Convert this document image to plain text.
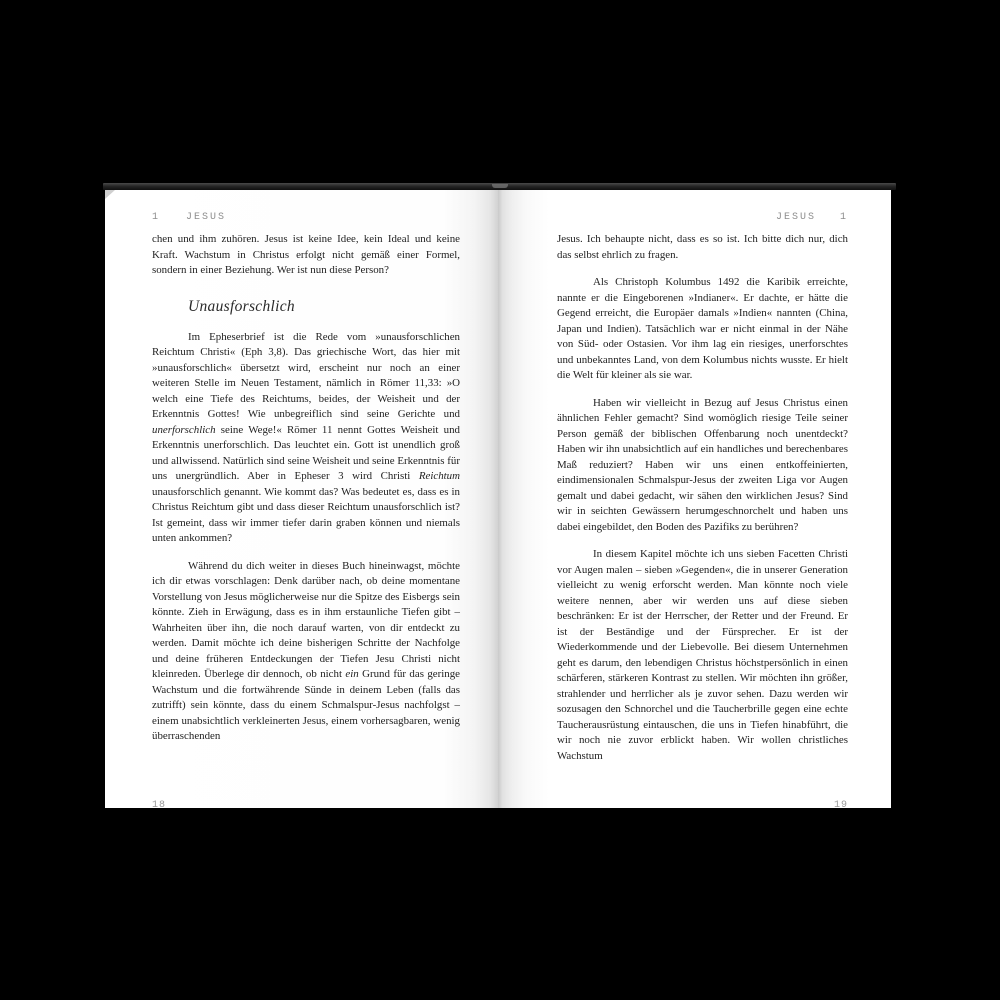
1	JESUS

chen und ihm zuhören. Jesus ist keine Idee, kein Ideal und keine Kraft. Wachstum in Christus erfolgt nicht gemäß einer Formel, sondern in einer Beziehung. Wer ist nun diese Person?

Unausforschlich

Im Epheserbrief ist die Rede vom »unausforschlichen Reichtum Christi« (Eph 3,8). Das griechische Wort, das hier mit »unausforschlich« übersetzt wird, erscheint nur noch an einer weiteren Stelle im Neuen Testament, nämlich in Römer 11,33: »O welch eine Tiefe des Reichtums, beides, der Weisheit und der Erkenntnis Gottes! Wie unbegreiflich sind seine Gerichte und unerforschlich seine Wege!« Römer 11 nennt Gottes Weisheit und Erkenntnis unerforschlich. Das leuchtet ein. Gott ist unendlich groß und allwissend. Natürlich sind seine Weisheit und seine Erkenntnis für uns unergründlich. Aber in Epheser 3 wird Christi Reichtum unausforschlich genannt. Wie kommt das? Was bedeutet es, dass es in Christus Reichtum gibt und dass dieser Reichtum unausforschlich ist? Ist gemeint, dass wir immer tiefer darin graben können und niemals unten ankommen?

Während du dich weiter in dieses Buch hineinwagst, möchte ich dir etwas vorschlagen: Denk darüber nach, ob deine momentane Vorstellung von Jesus möglicherweise nur die Spitze des Eisbergs sein könnte. Zieh in Erwägung, dass es in ihm erstaunliche Tiefen gibt – Wahrheiten über ihn, die noch darauf warten, von dir entdeckt zu werden. Damit möchte ich deine bisherigen Schritte der Nachfolge und deine früheren Entdeckungen der Tiefen Jesu Christi nicht kleinreden. Überlege dir dennoch, ob nicht ein Grund für das geringe Wachstum und die fortwährende Sünde in deinem Leben (falls das zutrifft) sein könnte, dass du einem Schmalspur-Jesus nachfolgst – einem unabsichtlich verkleinerten Jesus, einem vorhersagbaren, wenig überraschenden

18
JESUS 1

Jesus. Ich behaupte nicht, dass es so ist. Ich bitte dich nur, dich das selbst ehrlich zu fragen.

Als Christoph Kolumbus 1492 die Karibik erreichte, nannte er die Eingeborenen »Indianer«. Er dachte, er hätte die Gegend erreicht, die Europäer damals »Indien« nannten (China, Japan und Indien). Tatsächlich war er nicht einmal in der Nähe von Süd- oder Ostasien. Vor ihm lag ein riesiges, unerforschtes und unbekanntes Land, von dem Kolumbus nichts wusste. Er hielt die Welt für kleiner als sie war.

Haben wir vielleicht in Bezug auf Jesus Christus einen ähnlichen Fehler gemacht? Sind womöglich riesige Teile seiner Person gemäß der biblischen Offenbarung noch unentdeckt? Haben wir ihn unabsichtlich auf ein handliches und berechenbares Maß reduziert? Haben wir uns einen entkoffeinierten, eindimensionalen Schmalspur-Jesus der zweiten Liga vor Augen gemalt und dabei gedacht, wir sähen den wirklichen Jesus? Sind wir in seichten Gewässern herumgeschnorchelt und haben uns dabei eingebildet, den Boden des Pazifiks zu berühren?

In diesem Kapitel möchte ich uns sieben Facetten Christi vor Augen malen – sieben »Gegenden«, die in unserer Generation vielleicht zu wenig erforscht werden. Man könnte noch viele weitere nennen, aber wir werden uns auf diese sieben beschränken: Er ist der Herrscher, der Retter und der Freund. Er ist der Beständige und der Fürsprecher. Er ist der Wiederkommende und der Liebevolle. Bei diesem Unternehmen geht es darum, den lebendigen Christus höchstpersönlich in einen schärferen, stärkeren Kontrast zu stellen. Wir möchten ihn größer, strahlender und herrlicher als je zuvor sehen. Dazu werden wir sozusagen den Schnorchel und die Taucherbrille gegen eine echte Taucherausrüstung eintauschen, die uns in Tiefen hinabführt, die wir noch nie zuvor erblickt haben. Wir wollen christliches Wachstum

19
